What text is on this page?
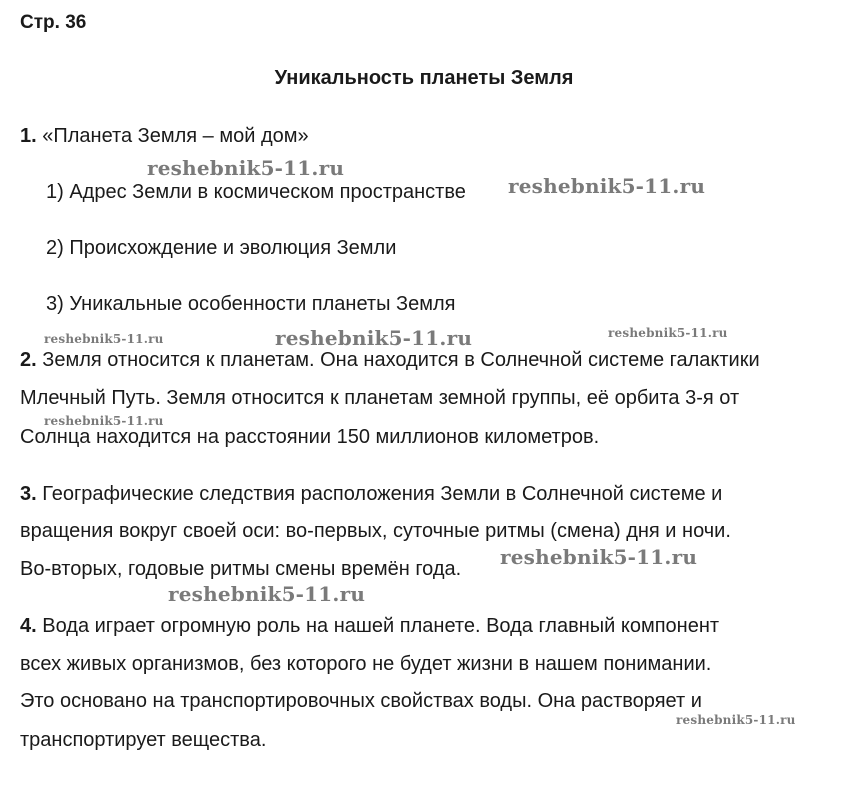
Стр. 36
Уникальность планеты Земля
1. «Планета Земля – мой дом»
1) Адрес Земли в космическом пространстве
2) Происхождение и эволюция Земли
3) Уникальные особенности планеты Земля
2. Земля относится к планетам. Она находится в Солнечной системе галактики
Млечный Путь. Земля относится к планетам земной группы, её орбита 3-я от
Солнца находится на расстоянии 150 миллионов километров.
3. Географические следствия расположения Земли в Солнечной системе и
вращения вокруг своей оси: во-первых, суточные ритмы (смена) дня и ночи.
Во-вторых, годовые ритмы смены времён года.
4. Вода играет огромную роль на нашей планете. Вода главный компонент
всех живых организмов, без которого не будет жизни в нашем понимании.
Это основано на транспортировочных свойствах воды. Она растворяет и
транспортирует вещества.
reshebnik5-11.ru
reshebnik5-11.ru
reshebnik5-11.ru	reshebnik5-11.ru	reshebnik5-11.ru
reshebnik5-11.ru
reshebnik5-11.ru
reshebnik5-11.ru
reshebnik5-11.ru
